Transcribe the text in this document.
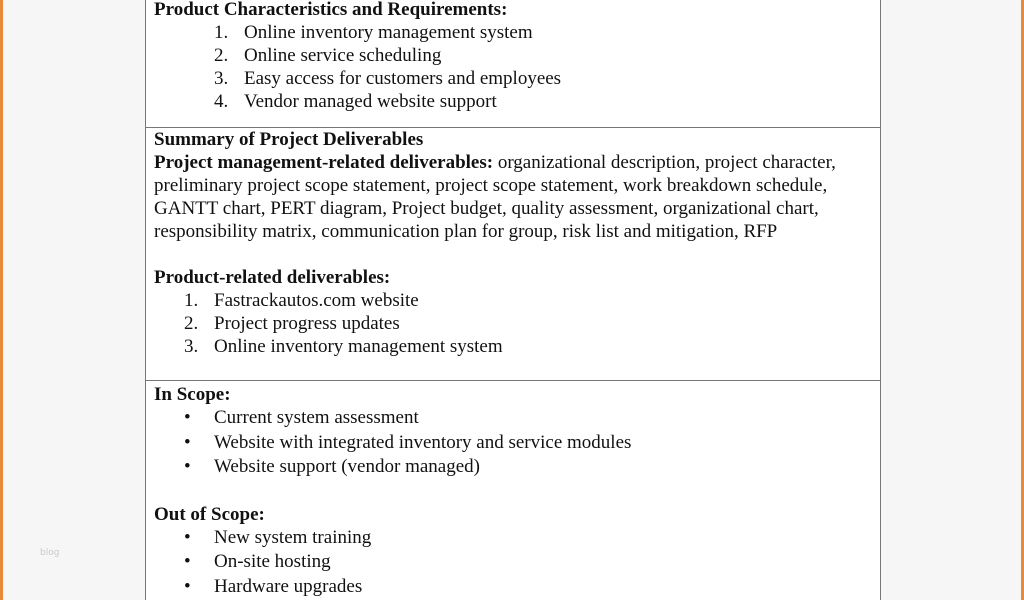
blog
Product Characteristics and Requirements:
1. Online inventory management system
2. Online service scheduling
3. Easy access for customers and employees
4. Vendor managed website support
Summary of Project Deliverables

Project management-related deliverables: organizational description, project character, preliminary project scope statement, project scope statement, work breakdown schedule, GANTT chart, PERT diagram, Project budget, quality assessment, organizational chart, responsibility matrix, communication plan for group, risk list and mitigation, RFP

Product-related deliverables:
1. Fastrackautos.com website
2. Project progress updates
3. Online inventory management system
In Scope:
• Current system assessment
• Website with integrated inventory and service modules
• Website support (vendor managed)
Out of Scope:
• New system training
• On-site hosting
• Hardware upgrades
